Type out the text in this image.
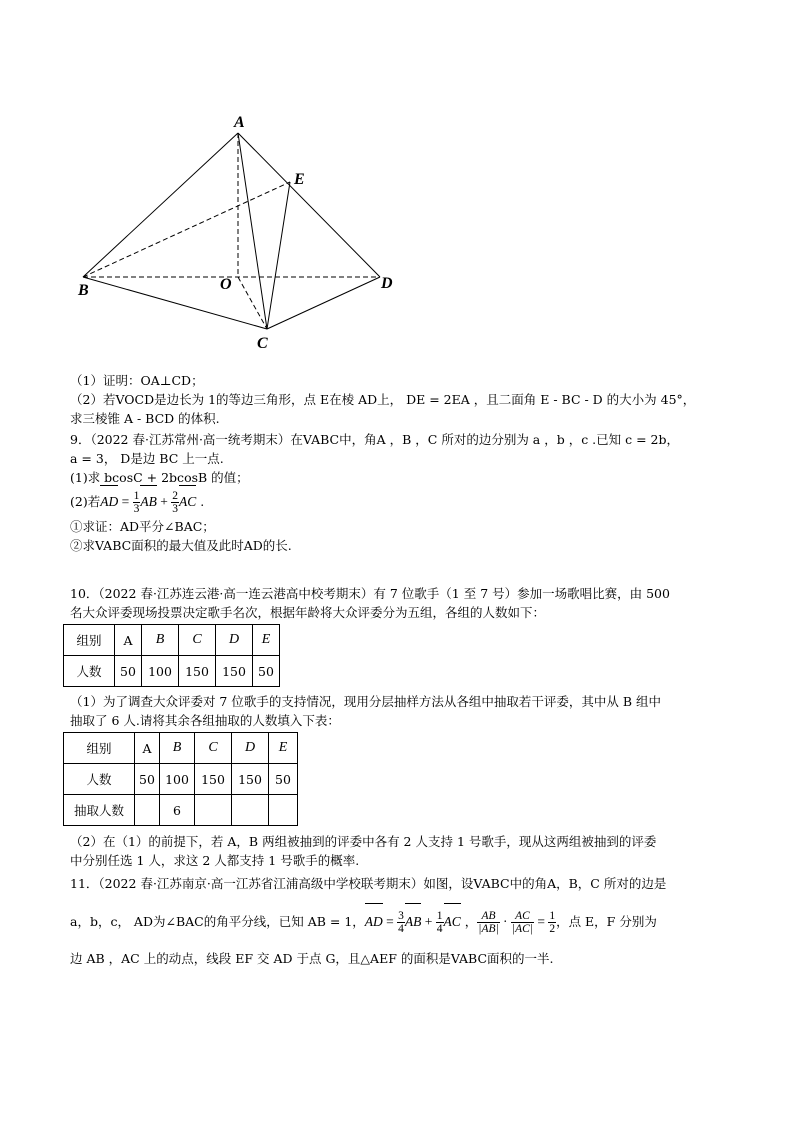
A
E
B	O	D
C
（1）证明：OA⊥CD；
（2）若VOCD是边长为 1的等边三角形，点 E在棱 AD上， DE = 2EA ，且二面角 E - BC - D 的大小为 45°，
求三棱锥 A - BCD 的体积.
9．（2022 春·江苏常州·高一统考期末）在VABC中，角A ，B ，C 所对的边分别为 a ，b ，c .已知 c = 2b，
a = 3， D是边 BC 上一点.
(1)求 bcosC + 2bcosB 的值；
(2)若AD = $\frac{1}{3}$ AB + $\frac{2}{3}$ AC .
①求证：AD平分∠BAC；
②求VABC面积的最大值及此时AD的长.
10．（2022 春·江苏连云港·高一连云港高中校考期末）有 7 位歌手（1 至 7 号）参加一场歌唱比赛，由 500
名大众评委现场投票决定歌手名次，根据年龄将大众评委分为五组，各组的人数如下：
组别	A	B	C	D	E
人数	50	100	150	150	50
（1）为了调查大众评委对 7 位歌手的支持情况，现用分层抽样方法从各组中抽取若干评委，其中从 B 组中
抽取了 6 人.请将其余各组抽取的人数填入下表：
组别	A	B	C	D	E
人数	50	100	150	150	50
抽取人数		6			
（2）在（1）的前提下，若 A，B 两组被抽到的评委中各有 2 人支持 1 号歌手，现从这两组被抽到的评委
中分别任选 1 人，求这 2 人都支持 1 号歌手的概率.
11．（2022 春·江苏南京·高一江苏省江浦高级中学校联考期末）如图，设VABC中的角A，B，C 所对的边是
a，b，c， AD为∠BAC的角平分线，已知 AB = 1，AD = $\frac{3}{4}$ AB + $\frac{1}{4}$ AC ， $\frac{AB}{|AB|} \cdot \frac{AC}{|AC|} = \frac{1}{2}$ ，点 E，F 分别为
边 AB ，AC 上的动点，线段 EF 交 AD 于点 G，且△AEF 的面积是VABC面积的一半.
